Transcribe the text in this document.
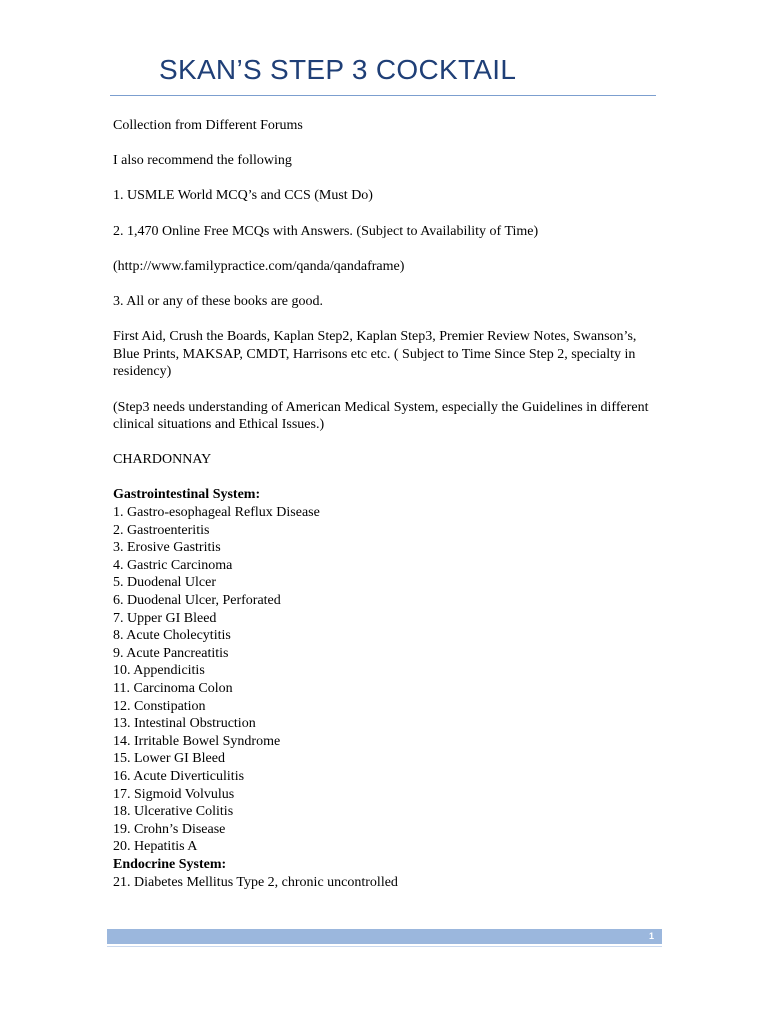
SKAN’S STEP 3 COCKTAIL

Collection from Different Forums

I also recommend the following

1. USMLE World MCQ’s and CCS (Must Do)

2. 1,470 Online Free MCQs with Answers. (Subject to Availability of Time)

(http://www.familypractice.com/qanda/qandaframe)

3. All or any of these books are good.

First Aid, Crush the Boards, Kaplan Step2, Kaplan Step3, Premier Review Notes, Swanson’s, Blue Prints, MAKSAP, CMDT, Harrisons etc etc. ( Subject to Time Since Step 2, specialty in residency)

(Step3 needs understanding of American Medical System, especially the Guidelines in different clinical situations and Ethical Issues.)

CHARDONNAY

Gastrointestinal System:
1. Gastro-esophageal Reflux Disease
2. Gastroenteritis
3. Erosive Gastritis
4. Gastric Carcinoma
5. Duodenal Ulcer
6. Duodenal Ulcer, Perforated
7. Upper GI Bleed
8. Acute Cholecytitis
9. Acute Pancreatitis
10. Appendicitis
11. Carcinoma Colon
12. Constipation
13. Intestinal Obstruction
14. Irritable Bowel Syndrome
15. Lower GI Bleed
16. Acute Diverticulitis
17. Sigmoid Volvulus
18. Ulcerative Colitis
19. Crohn’s Disease
20. Hepatitis A
Endocrine System:
21. Diabetes Mellitus Type 2, chronic uncontrolled
1
